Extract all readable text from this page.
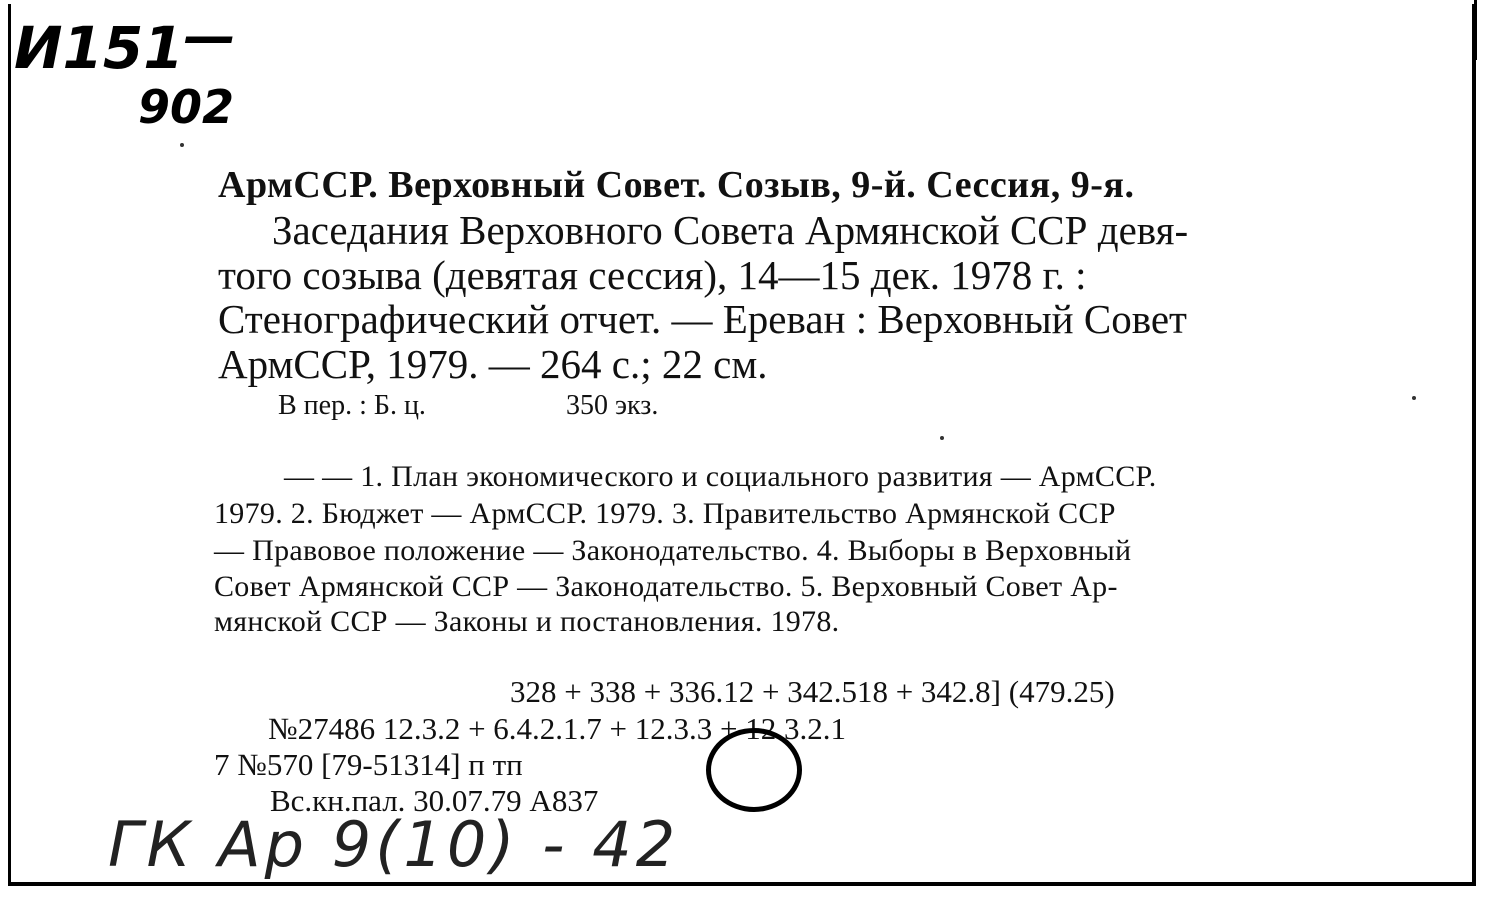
И151—
902
АрмССР. Верховный Совет. Созыв, 9-й. Сессия, 9-я.
Заседания Верховного Совета Армянской ССР девя-
того созыва (девятая сессия), 14—15 дек. 1978 г. :
Стенографический отчет. — Ереван : Верховный Совет
АрмССР, 1979. — 264 с.; 22 см.
В пер. : Б. ц.	350 экз.
— — 1. План экономического и социального развития — АрмССР.
1979. 2. Бюджет — АрмССР. 1979. 3. Правительство Армянской ССР
— Правовое положение — Законодательство. 4. Выборы в Верховный
Совет Армянской ССР — Законодательство. 5. Верховный Совет Ар-
мянской ССР — Законы и постановления. 1978.
328 + 338 + 336.12 + 342.518 + 342.8] (479.25)
№27486 12.3.2 + 6.4.2.1.7 + 12.3.3 + 12.3.2.1
7 №570 [79-51314] п тп
Вс.кн.пал. 30.07.79 А837
ГК Ар 9(10) - 42
